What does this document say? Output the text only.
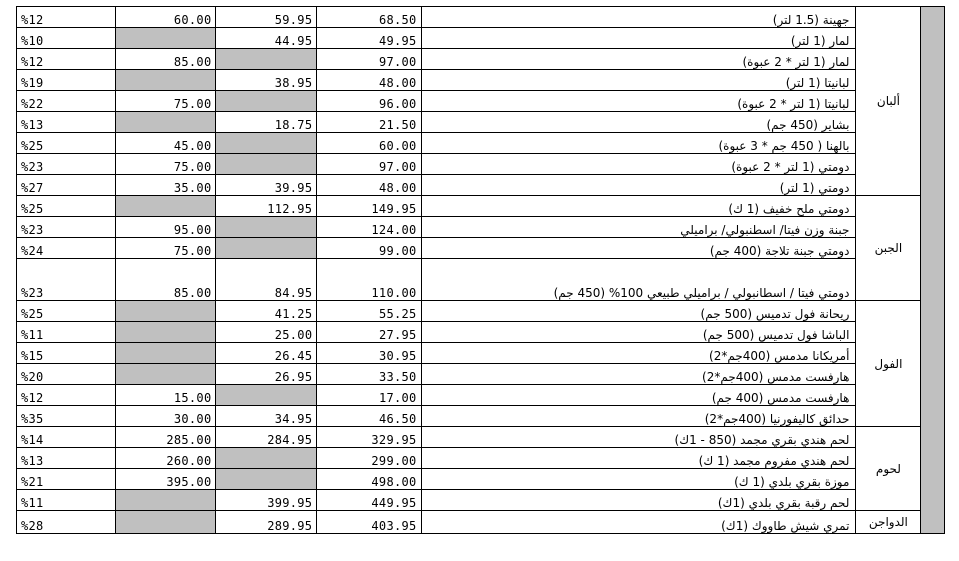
%12	60.00	59.95	68.50	جهينة (1.5 لتر)	ألبان	
%10		44.95	49.95	لمار (1 لتر)		
%12	85.00		97.00	لمار (1 لتر * 2 عبوة)		
%19		38.95	48.00	لبانيتا (1 لتر)		
%22	75.00		96.00	لبانيتا (1 لتر * 2 عبوة)		
%13		18.75	21.50	بشاير (450 جم)		
%25	45.00		60.00	بالهنا ( 450 جم * 3 عبوة)		
%23	75.00		97.00	دومتي (1 لتر * 2 عبوة)		
%27	35.00	39.95	48.00	دومتي (1 لتر)		
%25		112.95	149.95	دومتي ملح خفيف (1 ك)	الجبن	
%23	95.00		124.00	جبنة وزن فيتا/ اسطنبولي/ براميلي		
%24	75.00		99.00	دومتي جبنة تلاجة (400 جم)		
%23	85.00	84.95	110.00	دومتي فيتا / اسطانبولي / براميلي طبيعي 100% (450 جم)		
%25		41.25	55.25	ريحانة فول تدميس (500 جم)	الفول	
%11		25.00	27.95	الباشا فول تدميس (500 جم)		
%15		26.45	30.95	أمريكانا مدمس (400جم*2)		
%20		26.95	33.50	هارفست مدمس (400جم*2)		
%12	15.00		17.00	هارفست مدمس (400 جم)		
%35	30.00	34.95	46.50	حدائق كاليفورنيا (400جم*2)		
%14	285.00	284.95	329.95	لحم هندي بقري مجمد (850 - 1ك)	لحوم	
%13	260.00		299.00	لحم هندي مفروم مجمد (1 ك)		
%21	395.00		498.00	موزة بقري بلدي (1 ك)		
%11		399.95	449.95	لحم رقبة بقري بلدي (1ك)		
%28		289.95	403.95	تمري شيش طاووك (1ك)	الدواجن	
